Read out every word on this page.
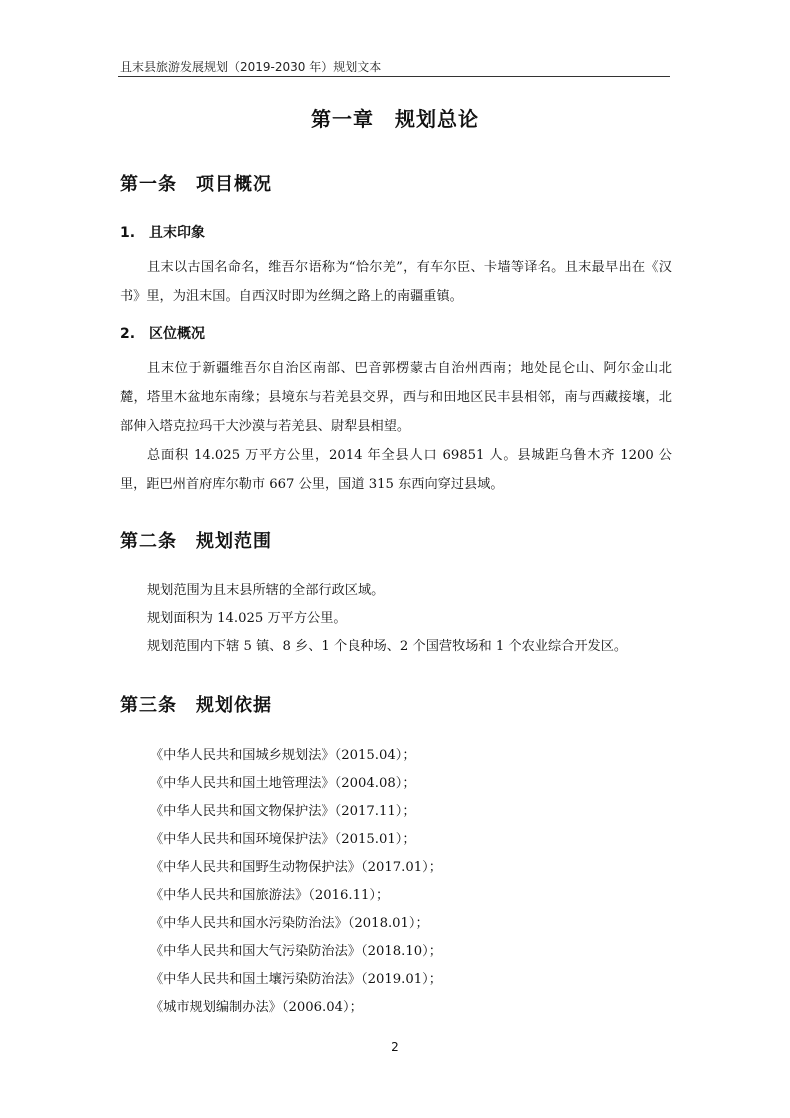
且末县旅游发展规划（2019-2030 年）规划文本
第一章　规划总论
第一条　项目概况
1.　且末印象
且末以古国名命名，维吾尔语称为“恰尔羌”，有车尔臣、卡墙等译名。且末最早出在《汉书》里，为沮末国。自西汉时即为丝绸之路上的南疆重镇。
2.　区位概况
且末位于新疆维吾尔自治区南部、巴音郭楞蒙古自治州西南；地处昆仑山、阿尔金山北麓，塔里木盆地东南缘；县境东与若羌县交界，西与和田地区民丰县相邻，南与西藏接壤，北部伸入塔克拉玛干大沙漠与若羌县、尉犁县相望。
总面积 14.025 万平方公里，2014 年全县人口 69851 人。县城距乌鲁木齐 1200 公里，距巴州首府库尔勒市 667 公里，国道 315 东西向穿过县域。
第二条　规划范围
规划范围为且末县所辖的全部行政区域。
规划面积为 14.025 万平方公里。
规划范围内下辖 5 镇、8 乡、1 个良种场、2 个国营牧场和 1 个农业综合开发区。
第三条　规划依据
《中华人民共和国城乡规划法》（2015.04）；
《中华人民共和国土地管理法》（2004.08）；
《中华人民共和国文物保护法》（2017.11）；
《中华人民共和国环境保护法》（2015.01）；
《中华人民共和国野生动物保护法》（2017.01）；
《中华人民共和国旅游法》（2016.11）；
《中华人民共和国水污染防治法》（2018.01）；
《中华人民共和国大气污染防治法》（2018.10）；
《中华人民共和国土壤污染防治法》（2019.01）；
《城市规划编制办法》（2006.04）；
2
